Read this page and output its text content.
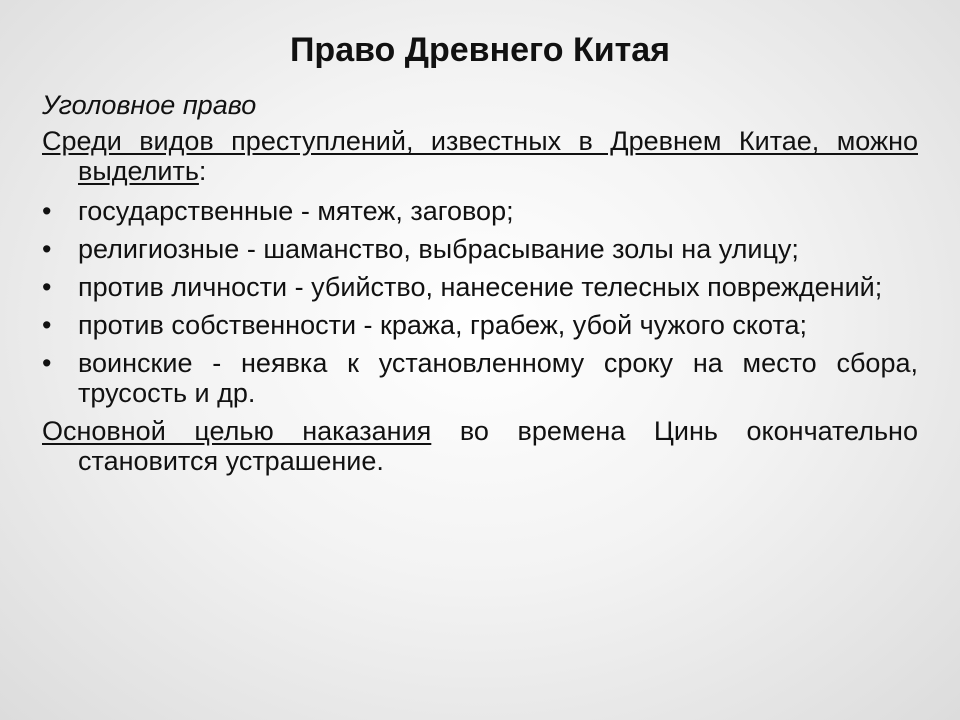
Право Древнего Китая

Уголовное право

Среди видов преступлений, известных в Древнем Китае, можно выделить:

• государственные - мятеж, заговор;
• религиозные - шаманство, выбрасывание золы на улицу;
• против личности - убийство, нанесение телесных повреждений;
• против собственности - кража, грабеж, убой чужого скота;
• воинские - неявка к установленному сроку на место сбора, трусость и др.

Основной целью наказания во времена Цинь окончательно становится устрашение.
